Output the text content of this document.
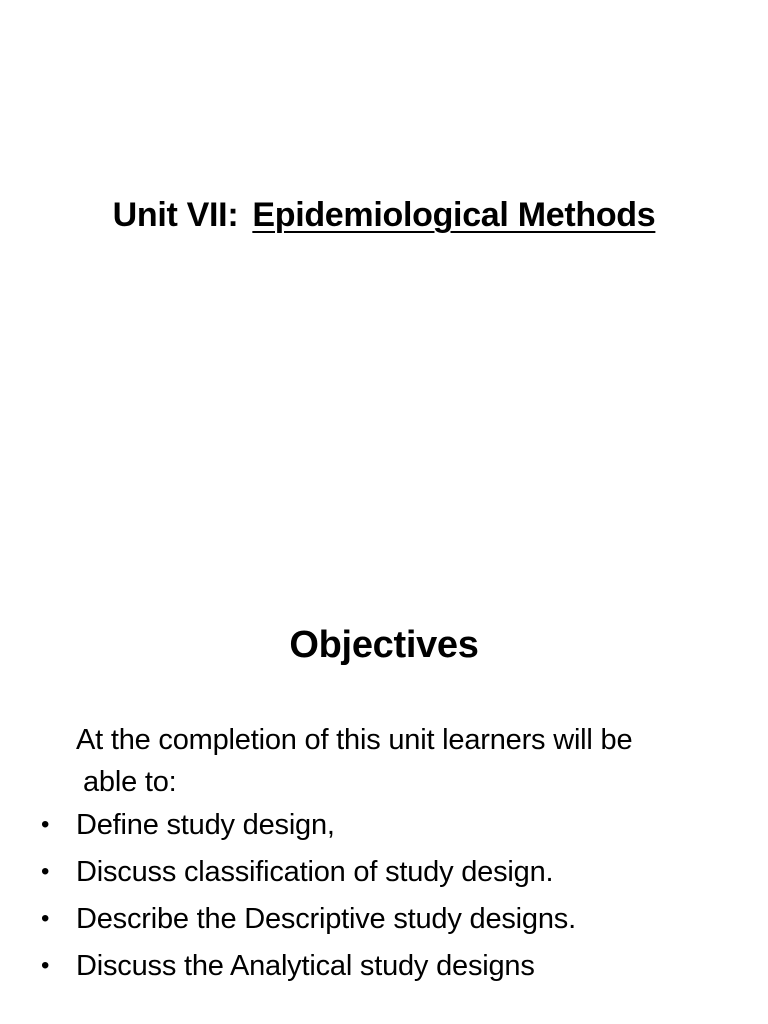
Unit VII: Epidemiological Methods
Objectives
At the completion of this unit learners will be
able to:
• Define study design,
• Discuss classification of study design.
• Describe the Descriptive study designs.
• Discuss the Analytical study designs
